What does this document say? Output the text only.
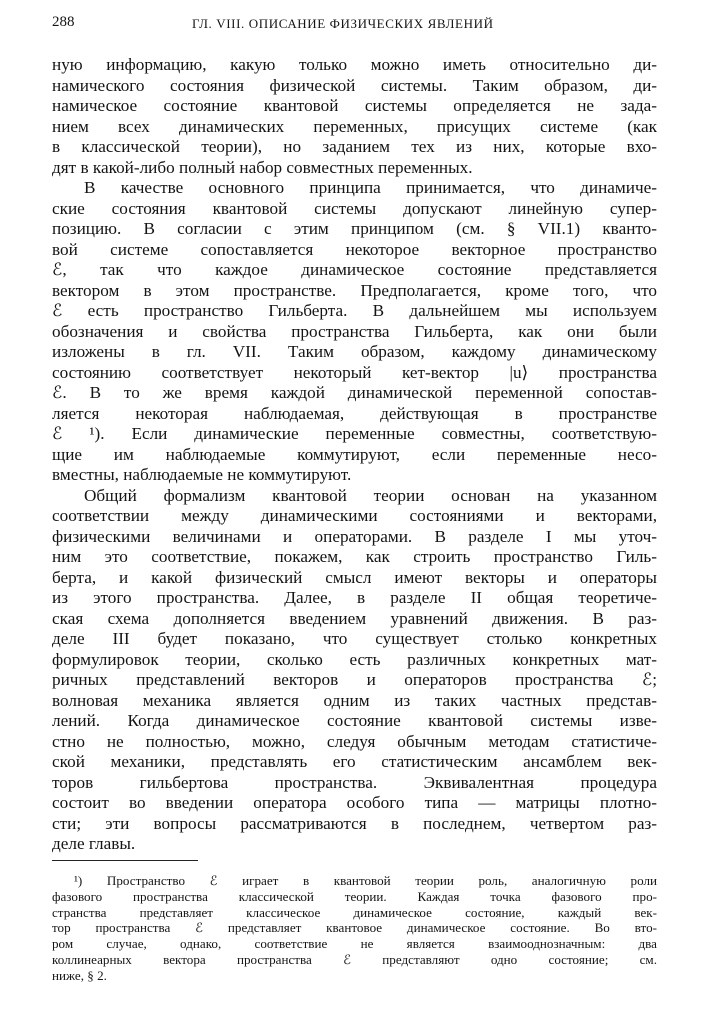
288	ГЛ. VIII. ОПИСАНИЕ ФИЗИЧЕСКИХ ЯВЛЕНИЙ
ную информацию, какую только можно иметь относительно ди-
намического состояния физической системы. Таким образом, ди-
намическое состояние квантовой системы определяется не зада-
нием всех динамических переменных, присущих системе (как
в классической теории), но заданием тех из них, которые вхо-
дят в какой-либо полный набор совместных переменных.
В качестве основного принципа принимается, что динамиче-
ские состояния квантовой системы допускают линейную супер-
позицию. В согласии с этим принципом (см. § VII.1) кванто-
вой системе сопоставляется некоторое векторное пространство
ℰ, так что каждое динамическое состояние представляется
вектором в этом пространстве. Предполагается, кроме того, что
ℰ есть пространство Гильберта. В дальнейшем мы используем
обозначения и свойства пространства Гильберта, как они были
изложены в гл. VII. Таким образом, каждому динамическому
состоянию соответствует некоторый кет-вектор |u⟩ пространства
ℰ. В то же время каждой динамической переменной сопостав-
ляется некоторая наблюдаемая, действующая в пространстве
ℰ ¹). Если динамические переменные совместны, соответствую-
щие им наблюдаемые коммутируют, если переменные несо-
вместны, наблюдаемые не коммутируют.
Общий формализм квантовой теории основан на указанном
соответствии между динамическими состояниями и векторами,
физическими величинами и операторами. В разделе I мы уточ-
ним это соответствие, покажем, как строить пространство Гиль-
берта, и какой физический смысл имеют векторы и операторы
из этого пространства. Далее, в разделе II общая теоретиче-
ская схема дополняется введением уравнений движения. В раз-
деле III будет показано, что существует столько конкретных
формулировок теории, сколько есть различных конкретных мат-
ричных представлений векторов и операторов пространства ℰ;
волновая механика является одним из таких частных представ-
лений. Когда динамическое состояние квантовой системы изве-
стно не полностью, можно, следуя обычным методам статистиче-
ской механики, представлять его статистическим ансамблем век-
торов гильбертова пространства. Эквивалентная процедура
состоит во введении оператора особого типа — матрицы плотно-
сти; эти вопросы рассматриваются в последнем, четвертом раз-
деле главы.
¹) Пространство ℰ играет в квантовой теории роль, аналогичную роли
фазового пространства классической теории. Каждая точка фазового про-
странства представляет классическое динамическое состояние, каждый век-
тор пространства ℰ представляет квантовое динамическое состояние. Во вто-
ром случае, однако, соответствие не является взаимооднозначным: два
коллинеарных вектора пространства ℰ представляют одно состояние; см.
ниже, § 2.
